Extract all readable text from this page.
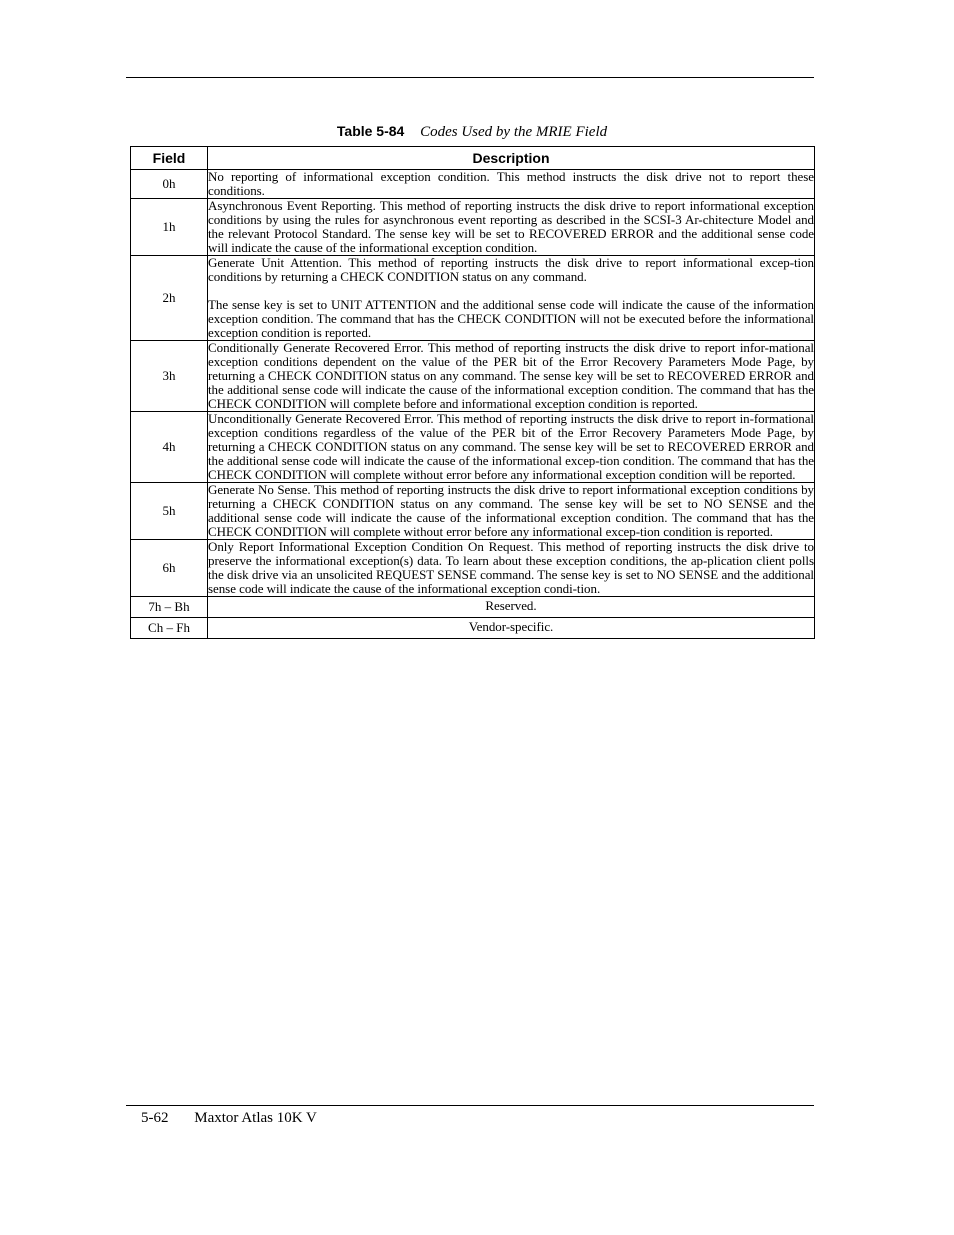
Table 5-84 Codes Used by the MRIE Field
Field	Description
0h	No reporting of informational exception condition. This method instructs the disk drive not to report these conditions.

1h	Asynchronous Event Reporting. This method of reporting instructs the disk drive to report informational exception conditions by using the rules for asynchronous event reporting as described in the SCSI-3 Ar-chitecture Model and the relevant Protocol Standard. The sense key will be set to RECOVERED ERROR and the additional sense code will indicate the cause of the informational exception condition.

2h	Generate Unit Attention. This method of reporting instructs the disk drive to report informational excep-tion conditions by returning a CHECK CONDITION status on any command.

The sense key is set to UNIT ATTENTION and the additional sense code will indicate the cause of the information exception condition. The command that has the CHECK CONDITION will not be executed before the informational exception condition is reported.

3h	Conditionally Generate Recovered Error. This method of reporting instructs the disk drive to report infor-mational exception conditions dependent on the value of the PER bit of the Error Recovery Parameters Mode Page, by returning a CHECK CONDITION status on any command. The sense key will be set to RECOVERED ERROR and the additional sense code will indicate the cause of the informational exception condition. The command that has the CHECK CONDITION will complete before and informational exception condition is reported.

4h	Unconditionally Generate Recovered Error. This method of reporting instructs the disk drive to report in-formational exception conditions regardless of the value of the PER bit of the Error Recovery Parameters Mode Page, by returning a CHECK CONDITION status on any command. The sense key will be set to RECOVERED ERROR and the additional sense code will indicate the cause of the informational excep-tion condition. The command that has the CHECK CONDITION will complete without error before any informational exception condition will be reported.

5h	Generate No Sense. This method of reporting instructs the disk drive to report informational exception conditions by returning a CHECK CONDITION status on any command. The sense key will be set to NO SENSE and the additional sense code will indicate the cause of the informational exception condition. The command that has the CHECK CONDITION will complete without error before any informational excep-tion condition is reported.

6h	Only Report Informational Exception Condition On Request. This method of reporting instructs the disk drive to preserve the informational exception(s) data. To learn about these exception conditions, the ap-plication client polls the disk drive via an unsolicited REQUEST SENSE command. The sense key is set to NO SENSE and the additional sense code will indicate the cause of the informational exception condi-tion.

7h – Bh	Reserved.

Ch – Fh	Vendor-specific.

5-62 Maxtor Atlas 10K V
